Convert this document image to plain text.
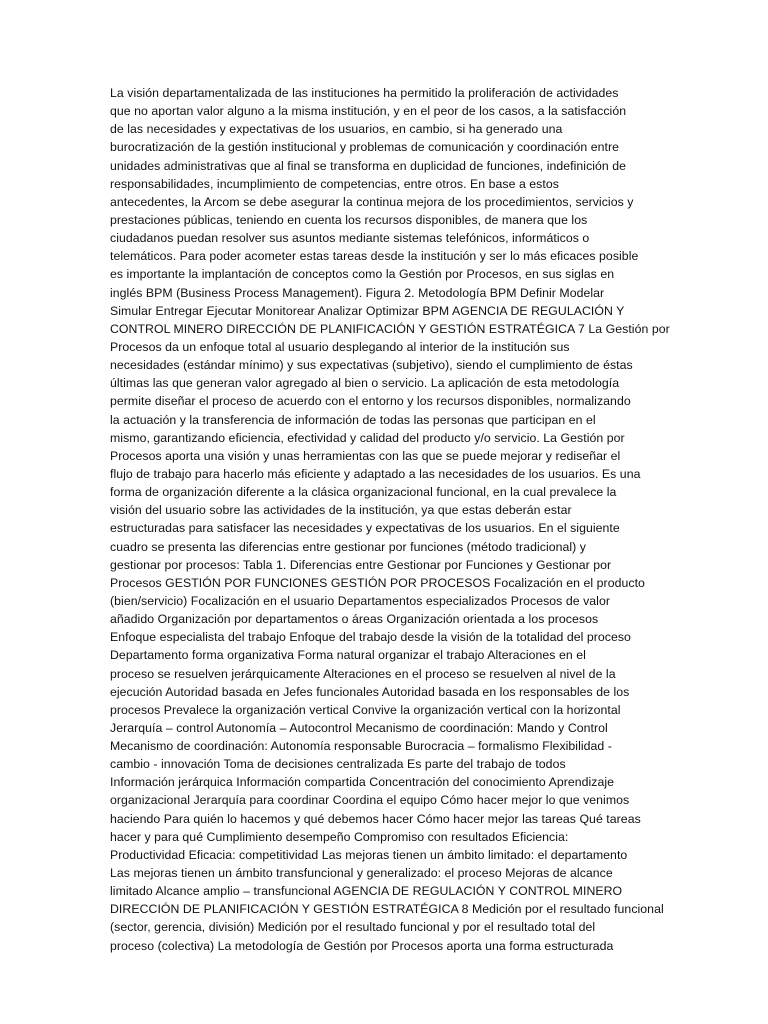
La visión departamentalizada de las instituciones ha permitido la proliferación de actividades
que no aportan valor alguno a la misma institución, y en el peor de los casos, a la satisfacción
de las necesidades y expectativas de los usuarios, en cambio, si ha generado una
burocratización de la gestión institucional y problemas de comunicación y coordinación entre
unidades administrativas que al final se transforma en duplicidad de funciones, indefinición de
responsabilidades, incumplimiento de competencias, entre otros. En base a estos
antecedentes, la Arcom se debe asegurar la continua mejora de los procedimientos, servicios y
prestaciones públicas, teniendo en cuenta los recursos disponibles, de manera que los
ciudadanos puedan resolver sus asuntos mediante sistemas telefónicos, informáticos o
telemáticos. Para poder acometer estas tareas desde la institución y ser lo más eficaces posible
es importante la implantación de conceptos como la Gestión por Procesos, en sus siglas en
inglés BPM (Business Process Management). Figura 2. Metodología BPM Definir Modelar
Simular Entregar Ejecutar Monitorear Analizar Optimizar BPM AGENCIA DE REGULACIÓN Y
CONTROL MINERO DIRECCIÓN DE PLANIFICACIÓN Y GESTIÓN ESTRATÉGICA 7 La Gestión por
Procesos da un enfoque total al usuario desplegando al interior de la institución sus
necesidades (estándar mínimo) y sus expectativas (subjetivo), siendo el cumplimiento de éstas
últimas las que generan valor agregado al bien o servicio. La aplicación de esta metodología
permite diseñar el proceso de acuerdo con el entorno y los recursos disponibles, normalizando
la actuación y la transferencia de información de todas las personas que participan en el
mismo, garantizando eficiencia, efectividad y calidad del producto y/o servicio. La Gestión por
Procesos aporta una visión y unas herramientas con las que se puede mejorar y rediseñar el
flujo de trabajo para hacerlo más eficiente y adaptado a las necesidades de los usuarios. Es una
forma de organización diferente a la clásica organizacional funcional, en la cual prevalece la
visión del usuario sobre las actividades de la institución, ya que estas deberán estar
estructuradas para satisfacer las necesidades y expectativas de los usuarios. En el siguiente
cuadro se presenta las diferencias entre gestionar por funciones (método tradicional) y
gestionar por procesos: Tabla 1. Diferencias entre Gestionar por Funciones y Gestionar por
Procesos GESTIÓN POR FUNCIONES GESTIÓN POR PROCESOS Focalización en el producto
(bien/servicio) Focalización en el usuario Departamentos especializados Procesos de valor
añadido Organización por departamentos o áreas Organización orientada a los procesos
Enfoque especialista del trabajo Enfoque del trabajo desde la visión de la totalidad del proceso
Departamento forma organizativa Forma natural organizar el trabajo Alteraciones en el
proceso se resuelven jerárquicamente Alteraciones en el proceso se resuelven al nivel de la
ejecución Autoridad basada en Jefes funcionales Autoridad basada en los responsables de los
procesos Prevalece la organización vertical Convive la organización vertical con la horizontal
Jerarquía – control Autonomía – Autocontrol Mecanismo de coordinación: Mando y Control
Mecanismo de coordinación: Autonomía responsable Burocracia – formalismo Flexibilidad -
cambio - innovación Toma de decisiones centralizada Es parte del trabajo de todos
Información jerárquica Información compartida Concentración del conocimiento Aprendizaje
organizacional Jerarquía para coordinar Coordina el equipo Cómo hacer mejor lo que venimos
haciendo Para quién lo hacemos y qué debemos hacer Cómo hacer mejor las tareas Qué tareas
hacer y para qué Cumplimiento desempeño Compromiso con resultados Eficiencia:
Productividad Eficacia: competitividad Las mejoras tienen un ámbito limitado: el departamento
Las mejoras tienen un ámbito transfuncional y generalizado: el proceso Mejoras de alcance
limitado Alcance amplio – transfuncional AGENCIA DE REGULACIÓN Y CONTROL MINERO
DIRECCIÓN DE PLANIFICACIÓN Y GESTIÓN ESTRATÉGICA 8 Medición por el resultado funcional
(sector, gerencia, división) Medición por el resultado funcional y por el resultado total del
proceso (colectiva) La metodología de Gestión por Procesos aporta una forma estructurada
